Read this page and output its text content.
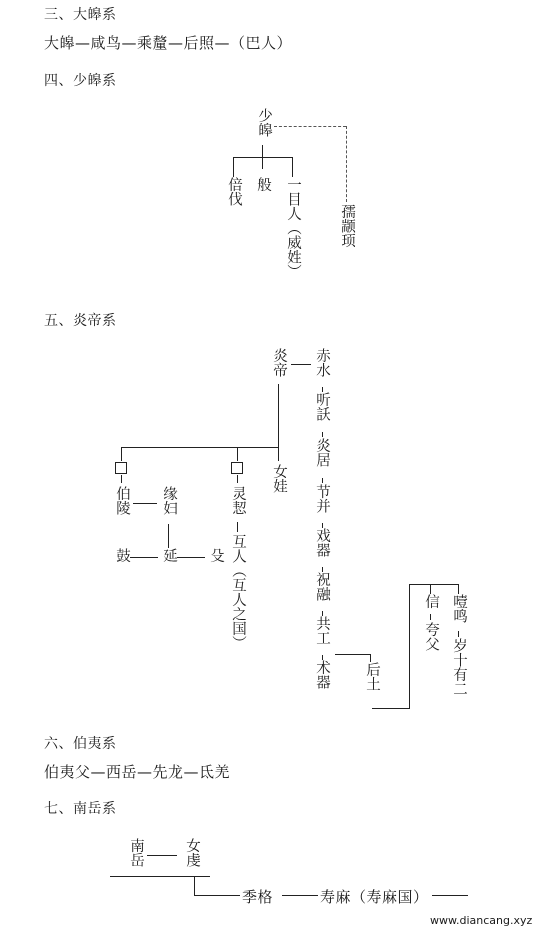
三、大皞系
大皞—咸鸟—乘釐—后照—（巴人）
四、少皞系
少皞
倍伐 般 一目人（威姓）	孺颛顼
五、炎帝系
炎帝 赤水
听訞
炎居
节并
戏器
祝融
共工
术器 后土
信
夸父
噎鸣
岁十有二
伯陵 缘妇
鼓 延 殳
灵恝
互人（互人之国）
女娃
六、伯夷系
伯夷父—西岳—先龙—氐羌
七、南岳系
南岳	女虔
季格	寿麻（寿麻国）
www.diancang.xyz
